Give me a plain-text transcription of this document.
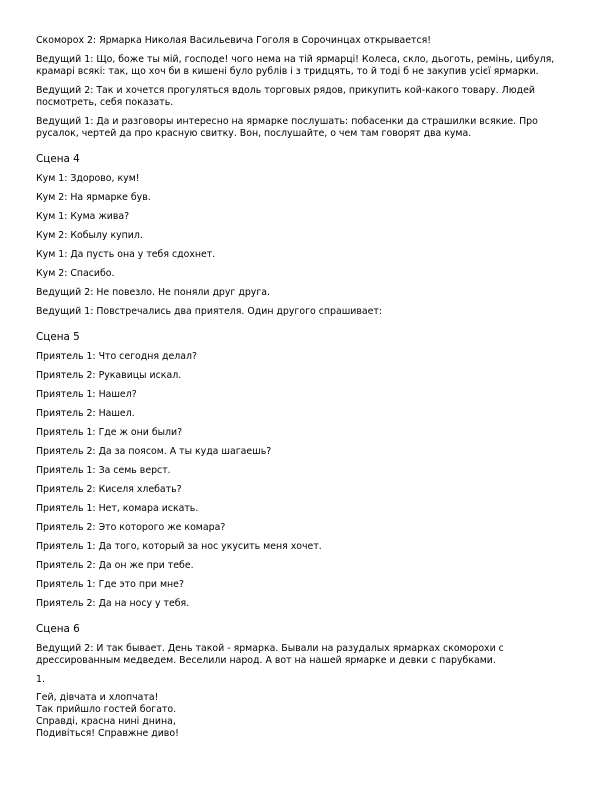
Скоморох 2: Ярмарка Николая Васильевича Гоголя в Сорочинцах открывается!

Ведущий 1: Що, боже ты мій, господе! чого нема на тій ярмарці! Колеса, скло, дьоготь, ремінь, цибуля, крамарі всякі: так, що хоч би в кишені було рублів і з тридцять, то й тоді б не закупив усієї ярмарки.

Ведущий 2: Так и хочется прогуляться вдоль торговых рядов, прикупить кой-какого товару. Людей посмотреть, себя показать.

Ведущий 1: Да и разговоры интересно на ярмарке послушать: побасенки да страшилки всякие. Про русалок, чертей да про красную свитку. Вон, послушайте, о чем там говорят два кума.

Сцена 4

Кум 1: Здорово, кум!

Кум 2: На ярмарке був.

Кум 1: Кума жива?

Кум 2: Кобылу купил.

Кум 1: Да пусть она у тебя сдохнет.

Кум 2: Спасибо.

Ведущий 2: Не повезло. Не поняли друг друга.

Ведущий 1: Повстречались два приятеля. Один другого спрашивает:

Сцена 5

Приятель 1: Что сегодня делал?

Приятель 2: Рукавицы искал.

Приятель 1: Нашел?

Приятель 2: Нашел.

Приятель 1: Где ж они были?

Приятель 2: Да за поясом. А ты куда шагаешь?

Приятель 1: За семь верст.

Приятель 2: Киселя хлебать?

Приятель 1: Нет, комара искать.

Приятель 2: Это которого же комара?

Приятель 1: Да того, который за нос укусить меня хочет.

Приятель 2: Да он же при тебе.

Приятель 1: Где это при мне?

Приятель 2: Да на носу у тебя.

Сцена 6

Ведущий 2: И так бывает. День такой - ярмарка. Бывали на разудалых ярмарках скоморохи с дрессированным медведем. Веселили народ. А вот на нашей ярмарке и девки с парубками.

1.

Гей, дівчата и хлопчата!

Так прийшло гостей богато.

Справді, красна нині днина,

Подивіться! Справжне диво!
